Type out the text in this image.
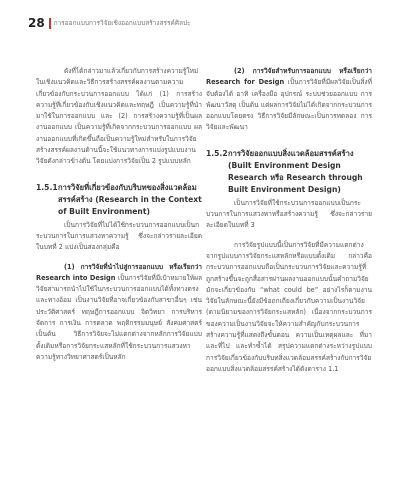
28 การออกแบบการวิจัยเชิงออกแบบสร้างสรรค์ศิลปะ

ดังที่ได้กล่าวมาแล้วเกี่ยวกับการสร้างความรู้ใหม่ในเชิงแนวคิดและวิธีการสร้างสรรค์ผลงานตามความเกี่ยวข้องกับกระบวนการออกแบบ ได้แก่ (1) การสร้างความรู้ที่เกี่ยวข้องกับเชิงแนวคิดและทฤษฎี เป็นความรู้ที่นำมาใช้ในการออกแบบ และ (2) การสร้างความรู้ที่เป็นผลงานออกแบบ เป็นความรู้ที่เกิดจากกระบวนการออกแบบ ผลงานออกแบบที่เกิดขึ้นถือเป็นความรู้ใหม่สำหรับในการวิจัยสร้างสรรค์ผลงานด้านนี้จะใช้แนวทางการแบ่งรูปแบบงานวิจัยดังกล่าวข้างต้น โดยแบ่งการวิจัยเป็น 2 รูปแบบหลัก

1.5.1 การวิจัยที่เกี่ยวข้องกับบริบทของสิ่งแวดล้อมสรรค์สร้าง (Research in the Context of Built Environment)

เป็นการวิจัยที่ไม่ได้ใช้กระบวนการออกแบบเป็นกระบวนการในการแสวงหาความรู้ ซึ่งจะกล่าวรายละเอียดในบทที่ 2 แบ่งเป็นสองกลุ่มคือ

(1) การวิจัยที่นำไปสู่การออกแบบ หรือเรียกว่า Research into Design เป็นการวิจัยที่มีเป้าหมายให้ผลวิจัยสามารถนำไปใช้ในกระบวนการออกแบบได้ทั้งทางตรงและทางอ้อม เป็นงานวิจัยที่อาจเกี่ยวข้องกับสาขาอื่นๆ เช่น ประวัติศาสตร์ ทฤษฎีการออกแบบ จิตวิทยา การบริหารจัดการ การเงิน การตลาด พฤติกรรมมนุษย์ สังคมศาสตร์ เป็นต้น วิธีการวิจัยจะไม่แตกต่างจากหลักการวิจัยแบบดั้งเดิมหรือการวิจัยกระแสหลักที่ใช้กระบวนการแสวงหาความรู้ทางวิทยาศาสตร์เป็นหลัก

(2) การวิจัยสำหรับการออกแบบ หรือเรียกว่า Research for Design เป็นการวิจัยที่มีผลวิจัยเป็นสิ่งที่จับต้องได้ อาทิ เครื่องมือ อุปกรณ์ ระบบช่วยออกแบบ การพัฒนาวัสดุ เป็นต้น แต่ผลการวิจัยไม่ได้เกิดจากกระบวนการออกแบบโดยตรง วิธีการวิจัยมีลักษณะเป็นการทดลอง การวิจัยและพัฒนา

1.5.2 การวิจัยออกแบบสิ่งแวดล้อมสรรค์สร้าง (Built Environment Design Research หรือ Research through Built Environment Design)

เป็นการวิจัยที่ใช้กระบวนการออกแบบเป็นกระบวนการในการแสวงหาหรือสร้างความรู้ ซึ่งจะกล่าวรายละเอียดในบทที่ 3

การวิจัยรูปแบบนี้เป็นการวิจัยที่มีความแตกต่างจากรูปแบบการวิจัยกระแสหลักหรือแบบดั้งเดิม กล่าวคือ กระบวนการออกแบบถือเป็นกระบวนการวิจัยและความรู้ที่ถูกสร้างขึ้นจะถูกสื่อสารผ่านผลงานออกแบบนั้นคำถามวิจัยมักจะเกี่ยวข้องกับ “what could be” อย่างไรก็ตามงานวิจัยในลักษณะนี้ยังมีข้อถกเถียงเกี่ยวกับความเป็นงานวิจัย (ตามนิยามของการวิจัยกระแสหลัก) เนื่องจากกระบวนการของความเป็นงานวิจัยจะให้ความสำคัญกับกระบวนการสร้างความรู้ที่แสดงถึงขั้นตอน ความเป็นเหตุผลและ ที่มาและที่ไป และทำซ้ำได้ สรุปความแตกต่างระหว่างรูปแบบการวิจัยเกี่ยวข้องกับบริบทสิ่งแวดล้อมสรรค์สร้างกับการวิจัยออกแบบสิ่งแวดล้อมสรรค์สร้างได้ดังตาราง 1.1
